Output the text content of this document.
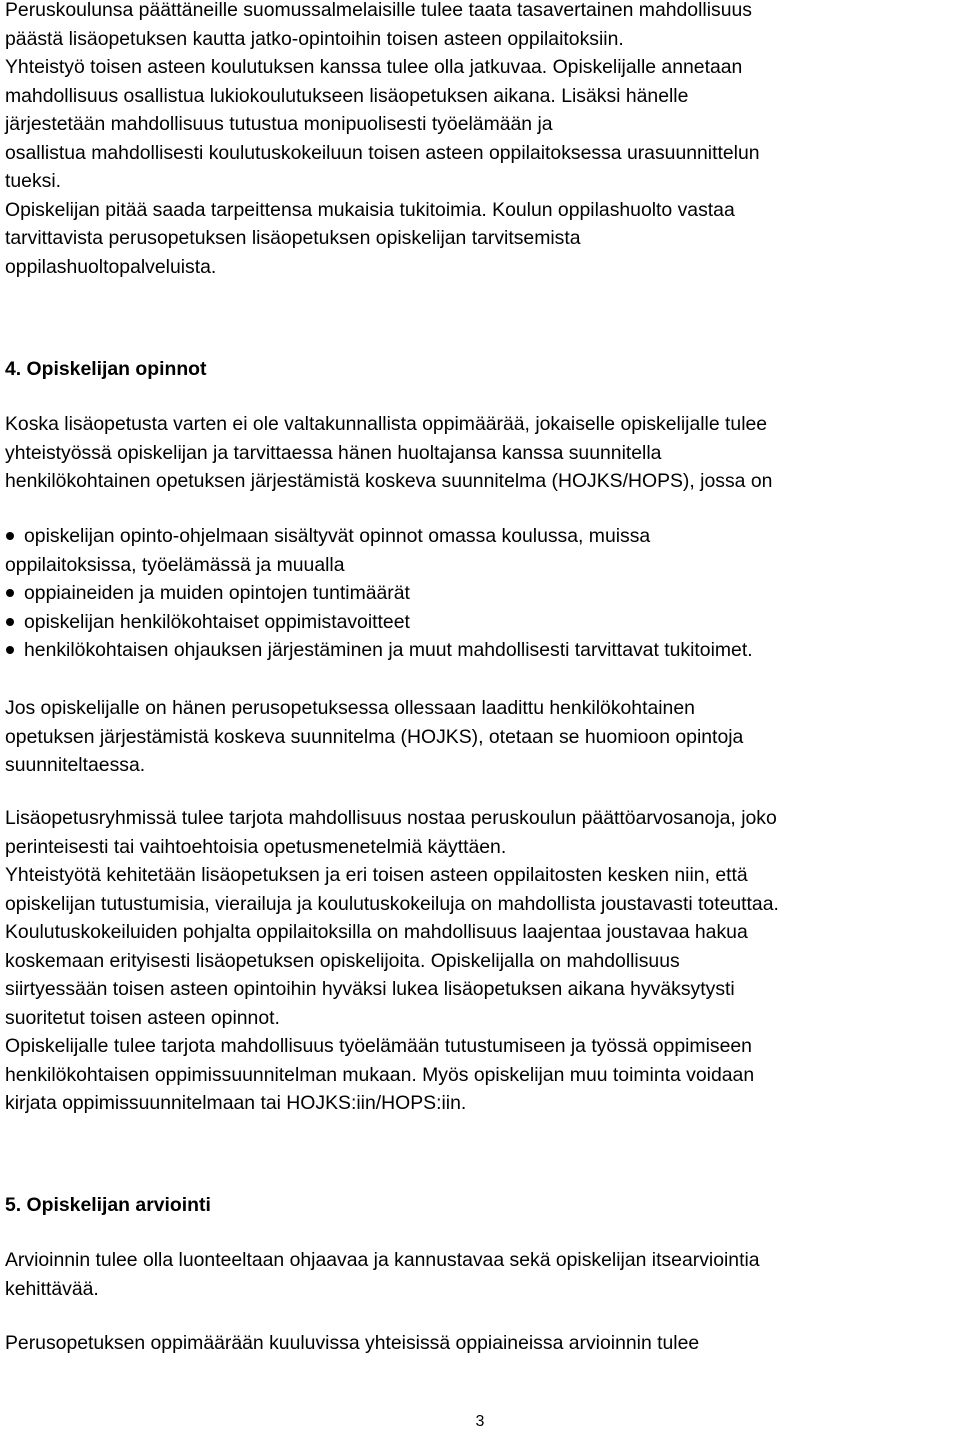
Peruskoulunsa päättäneille suomussalmelaisille tulee taata tasavertainen mahdollisuus
päästä lisäopetuksen kautta jatko-opintoihin toisen asteen oppilaitoksiin.
Yhteistyö toisen asteen koulutuksen kanssa tulee olla jatkuvaa. Opiskelijalle annetaan
mahdollisuus osallistua lukiokoulutukseen lisäopetuksen aikana. Lisäksi hänelle
järjestetään mahdollisuus tutustua monipuolisesti työelämään ja
osallistua mahdollisesti koulutuskokeiluun toisen asteen oppilaitoksessa urasuunnittelun
tueksi.
Opiskelijan pitää saada tarpeittensa mukaisia tukitoimia. Koulun oppilashuolto vastaa
tarvittavista perusopetuksen lisäopetuksen opiskelijan tarvitsemista
oppilashuoltopalveluista.
4. Opiskelijan opinnot
Koska lisäopetusta varten ei ole valtakunnallista oppimäärää, jokaiselle opiskelijalle tulee
yhteistyössä opiskelijan ja tarvittaessa hänen huoltajansa kanssa suunnitella
henkilökohtainen opetuksen järjestämistä koskeva suunnitelma (HOJKS/HOPS), jossa on
opiskelijan opinto-ohjelmaan sisältyvät opinnot omassa koulussa, muissa
oppilaitoksissa, työelämässä ja muualla
oppiaineiden ja muiden opintojen tuntimäärät
opiskelijan henkilökohtaiset oppimistavoitteet
henkilökohtaisen ohjauksen järjestäminen ja muut mahdollisesti tarvittavat tukitoimet.
Jos opiskelijalle on hänen perusopetuksessa ollessaan laadittu henkilökohtainen
opetuksen järjestämistä koskeva suunnitelma (HOJKS), otetaan se huomioon opintoja
suunniteltaessa.
Lisäopetusryhmissä tulee tarjota mahdollisuus nostaa peruskoulun päättöarvosanoja, joko
perinteisesti tai vaihtoehtoisia opetusmenetelmiä käyttäen.
Yhteistyötä kehitetään lisäopetuksen ja eri toisen asteen oppilaitosten kesken niin, että
opiskelijan tutustumisia, vierailuja ja koulutuskokeiluja on mahdollista joustavasti toteuttaa.
Koulutuskokeiluiden pohjalta oppilaitoksilla on mahdollisuus laajentaa joustavaa hakua
koskemaan erityisesti lisäopetuksen opiskelijoita. Opiskelijalla on mahdollisuus
siirtyessään toisen asteen opintoihin hyväksi lukea lisäopetuksen aikana hyväksytysti
suoritetut toisen asteen opinnot.
Opiskelijalle tulee tarjota mahdollisuus työelämään tutustumiseen ja työssä oppimiseen
henkilökohtaisen oppimissuunnitelman mukaan. Myös opiskelijan muu toiminta voidaan
kirjata oppimissuunnitelmaan tai HOJKS:iin/HOPS:iin.
5. Opiskelijan arviointi
Arvioinnin tulee olla luonteeltaan ohjaavaa ja kannustavaa sekä opiskelijan itsearviointia
kehittävää.
Perusopetuksen oppimäärään kuuluvissa yhteisissä oppiaineissa arvioinnin tulee
3
